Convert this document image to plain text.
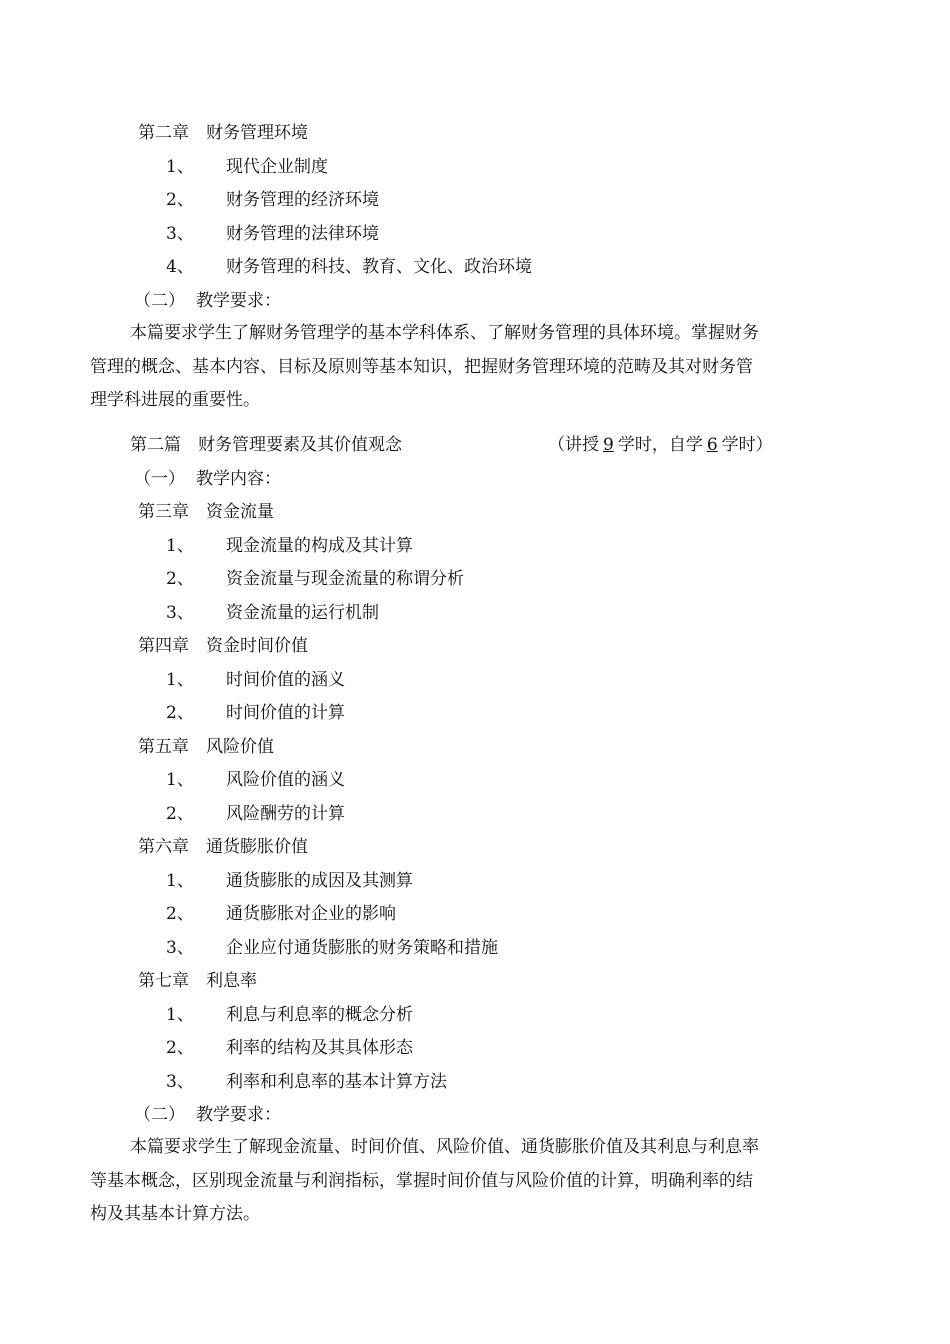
第二章　财务管理环境
1、 现代企业制度
2、 财务管理的经济环境
3、 财务管理的法律环境
4、 财务管理的科技、教育、文化、政治环境
（二） 教学要求：
本篇要求学生了解财务管理学的基本学科体系、了解财务管理的具体环境。掌握财务
管理的概念、基本内容、目标及原则等基本知识，把握财务管理环境的范畴及其对财务管
理学科进展的重要性。
第二篇　财务管理要素及其价值观念	（讲授 9 学时，自学 6 学时）
（一） 教学内容：
第三章　资金流量
1、 现金流量的构成及其计算
2、 资金流量与现金流量的称谓分析
3、 资金流量的运行机制
第四章　资金时间价值
1、 时间价值的涵义
2、 时间价值的计算
第五章　风险价值
1、 风险价值的涵义
2、 风险酬劳的计算
第六章　通货膨胀价值
1、 通货膨胀的成因及其测算
2、 通货膨胀对企业的影响
3、 企业应付通货膨胀的财务策略和措施
第七章　利息率
1、 利息与利息率的概念分析
2、 利率的结构及其具体形态
3、 利率和利息率的基本计算方法
（二） 教学要求：
本篇要求学生了解现金流量、时间价值、风险价值、通货膨胀价值及其利息与利息率
等基本概念，区别现金流量与利润指标，掌握时间价值与风险价值的计算，明确利率的结
构及其基本计算方法。
